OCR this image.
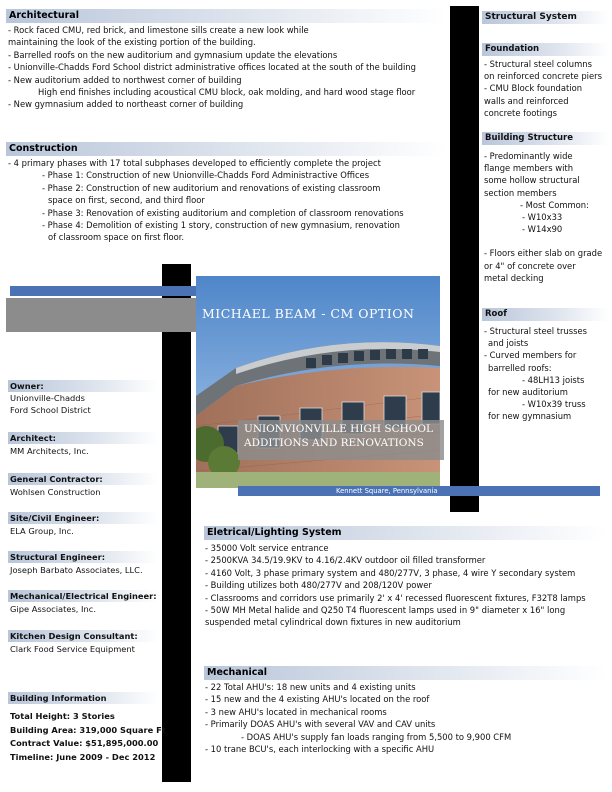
Architectural
- Rock faced CMU, red brick, and limestone sills create a new look while
maintaining the look of the existing portion of the building.
- Barrelled roofs on the new auditorium and gymnasium update the elevations
- Unionville-Chadds Ford School district administrative offices located at the south of the building
- New auditorium added to northwest corner of building
High end finishes including acoustical CMU block, oak molding, and hard wood stage floor
- New gymnasium added to northeast corner of building
Construction
- 4 primary phases with 17 total subphases developed to efficiently complete the project
- Phase 1: Construction of new Unionville-Chadds Ford Administractive Offices
- Phase 2: Construction of new auditorium and renovations of existing classroom
space on first, second, and third floor
- Phase 3: Renovation of existing auditorium and completion of classroom renovations
- Phase 4: Demolition of existing 1 story, construction of new gymnasium, renovation
of classroom space on first floor.
MICHAEL BEAM - CM OPTION
UNIONVIONVILLE HIGH SCHOOL
ADDITIONS AND RENOVATIONS
Kennett Square, Pennsylvania
Owner:
Unionville-Chadds
Ford School District
Architect:
MM Architects, Inc.
General Contractor:
Wohlsen Construction
Site/Civil Engineer:
ELA Group, Inc.
Structural Engineer:
Joseph Barbato Associates, LLC.
Mechanical/Electrical Engineer:
Gipe Associates, Inc.
Kitchen Design Consultant:
Clark Food Service Equipment
Building Information
Total Height: 3 Stories
Building Area: 319,000 Square Ft
Contract Value: $51,895,000.00
Timeline: June 2009 - Dec 2012
Structural System
Foundation
- Structural steel columns
on reinforced concrete piers
- CMU Block foundation
walls and reinforced
concrete footings
Building Structure
- Predominantly wide
flange members with
some hollow structural
section members
- Most Common:
- W10x33
- W14x90
- Floors either slab on grade
or 4" of concrete over
metal decking
Roof
- Structural steel trusses
and joists
- Curved members for
barrelled roofs:
- 48LH13 joists
for new auditorium
- W10x39 truss
for new gymnasium
Eletrical/Lighting System
- 35000 Volt service entrance
- 2500KVA 34.5/19.9KV to 4.16/2.4KV outdoor oil filled transformer
- 4160 Volt, 3 phase primary system and 480/277V, 3 phase, 4 wire Y secondary system
- Building utilizes both 480/277V and 208/120V power
- Classrooms and corridors use primarily 2' x 4' recessed fluorescent fixtures, F32T8 lamps
- 50W MH Metal halide and Q250 T4 fluorescent lamps used in 9" diameter x 16" long
suspended metal cylindrical down fixtures in new auditorium
Mechanical
- 22 Total AHU's: 18 new units and 4 existing units
- 15 new and the 4 existing AHU's located on the roof
- 3 new AHU's located in mechanical rooms
- Primarily DOAS AHU's with several VAV and CAV units
- DOAS AHU's supply fan loads ranging from 5,500 to 9,900 CFM
- 10 trane BCU's, each interlocking with a specific AHU
